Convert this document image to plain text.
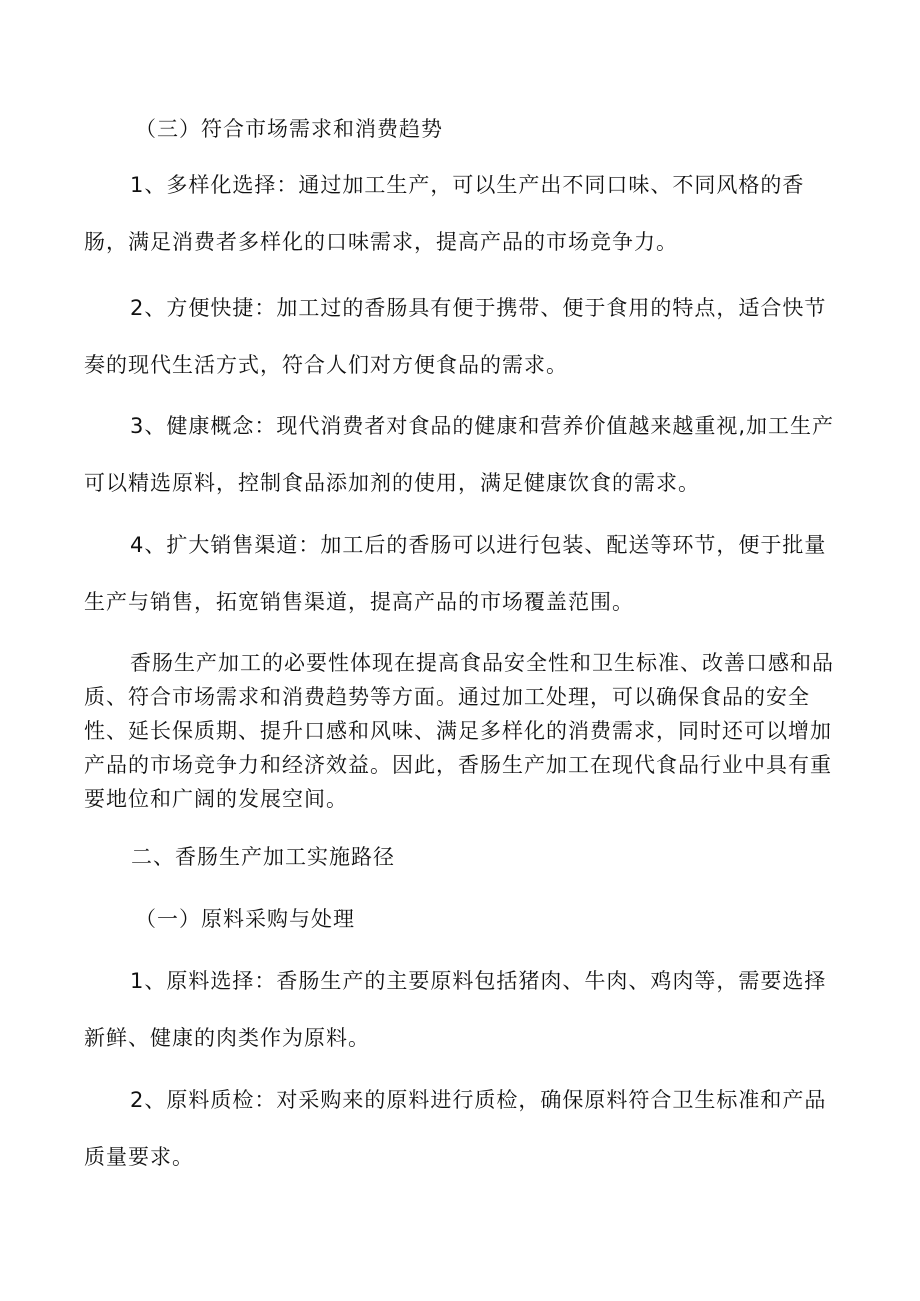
（三）符合市场需求和消费趋势

1、多样化选择：通过加工生产，可以生产出不同口味、不同风格的香肠，满足消费者多样化的口味需求，提高产品的市场竞争力。

2、方便快捷：加工过的香肠具有便于携带、便于食用的特点，适合快节奏的现代生活方式，符合人们对方便食品的需求。

3、健康概念：现代消费者对食品的健康和营养价值越来越重视,加工生产可以精选原料，控制食品添加剂的使用，满足健康饮食的需求。

4、扩大销售渠道：加工后的香肠可以进行包装、配送等环节，便于批量生产与销售，拓宽销售渠道，提高产品的市场覆盖范围。

香肠生产加工的必要性体现在提高食品安全性和卫生标准、改善口感和品质、符合市场需求和消费趋势等方面。通过加工处理，可以确保食品的安全性、延长保质期、提升口感和风味、满足多样化的消费需求，同时还可以增加产品的市场竞争力和经济效益。因此，香肠生产加工在现代食品行业中具有重要地位和广阔的发展空间。

二、香肠生产加工实施路径

（一）原料采购与处理

1、原料选择：香肠生产的主要原料包括猪肉、牛肉、鸡肉等，需要选择新鲜、健康的肉类作为原料。

2、原料质检：对采购来的原料进行质检，确保原料符合卫生标准和产品质量要求。
